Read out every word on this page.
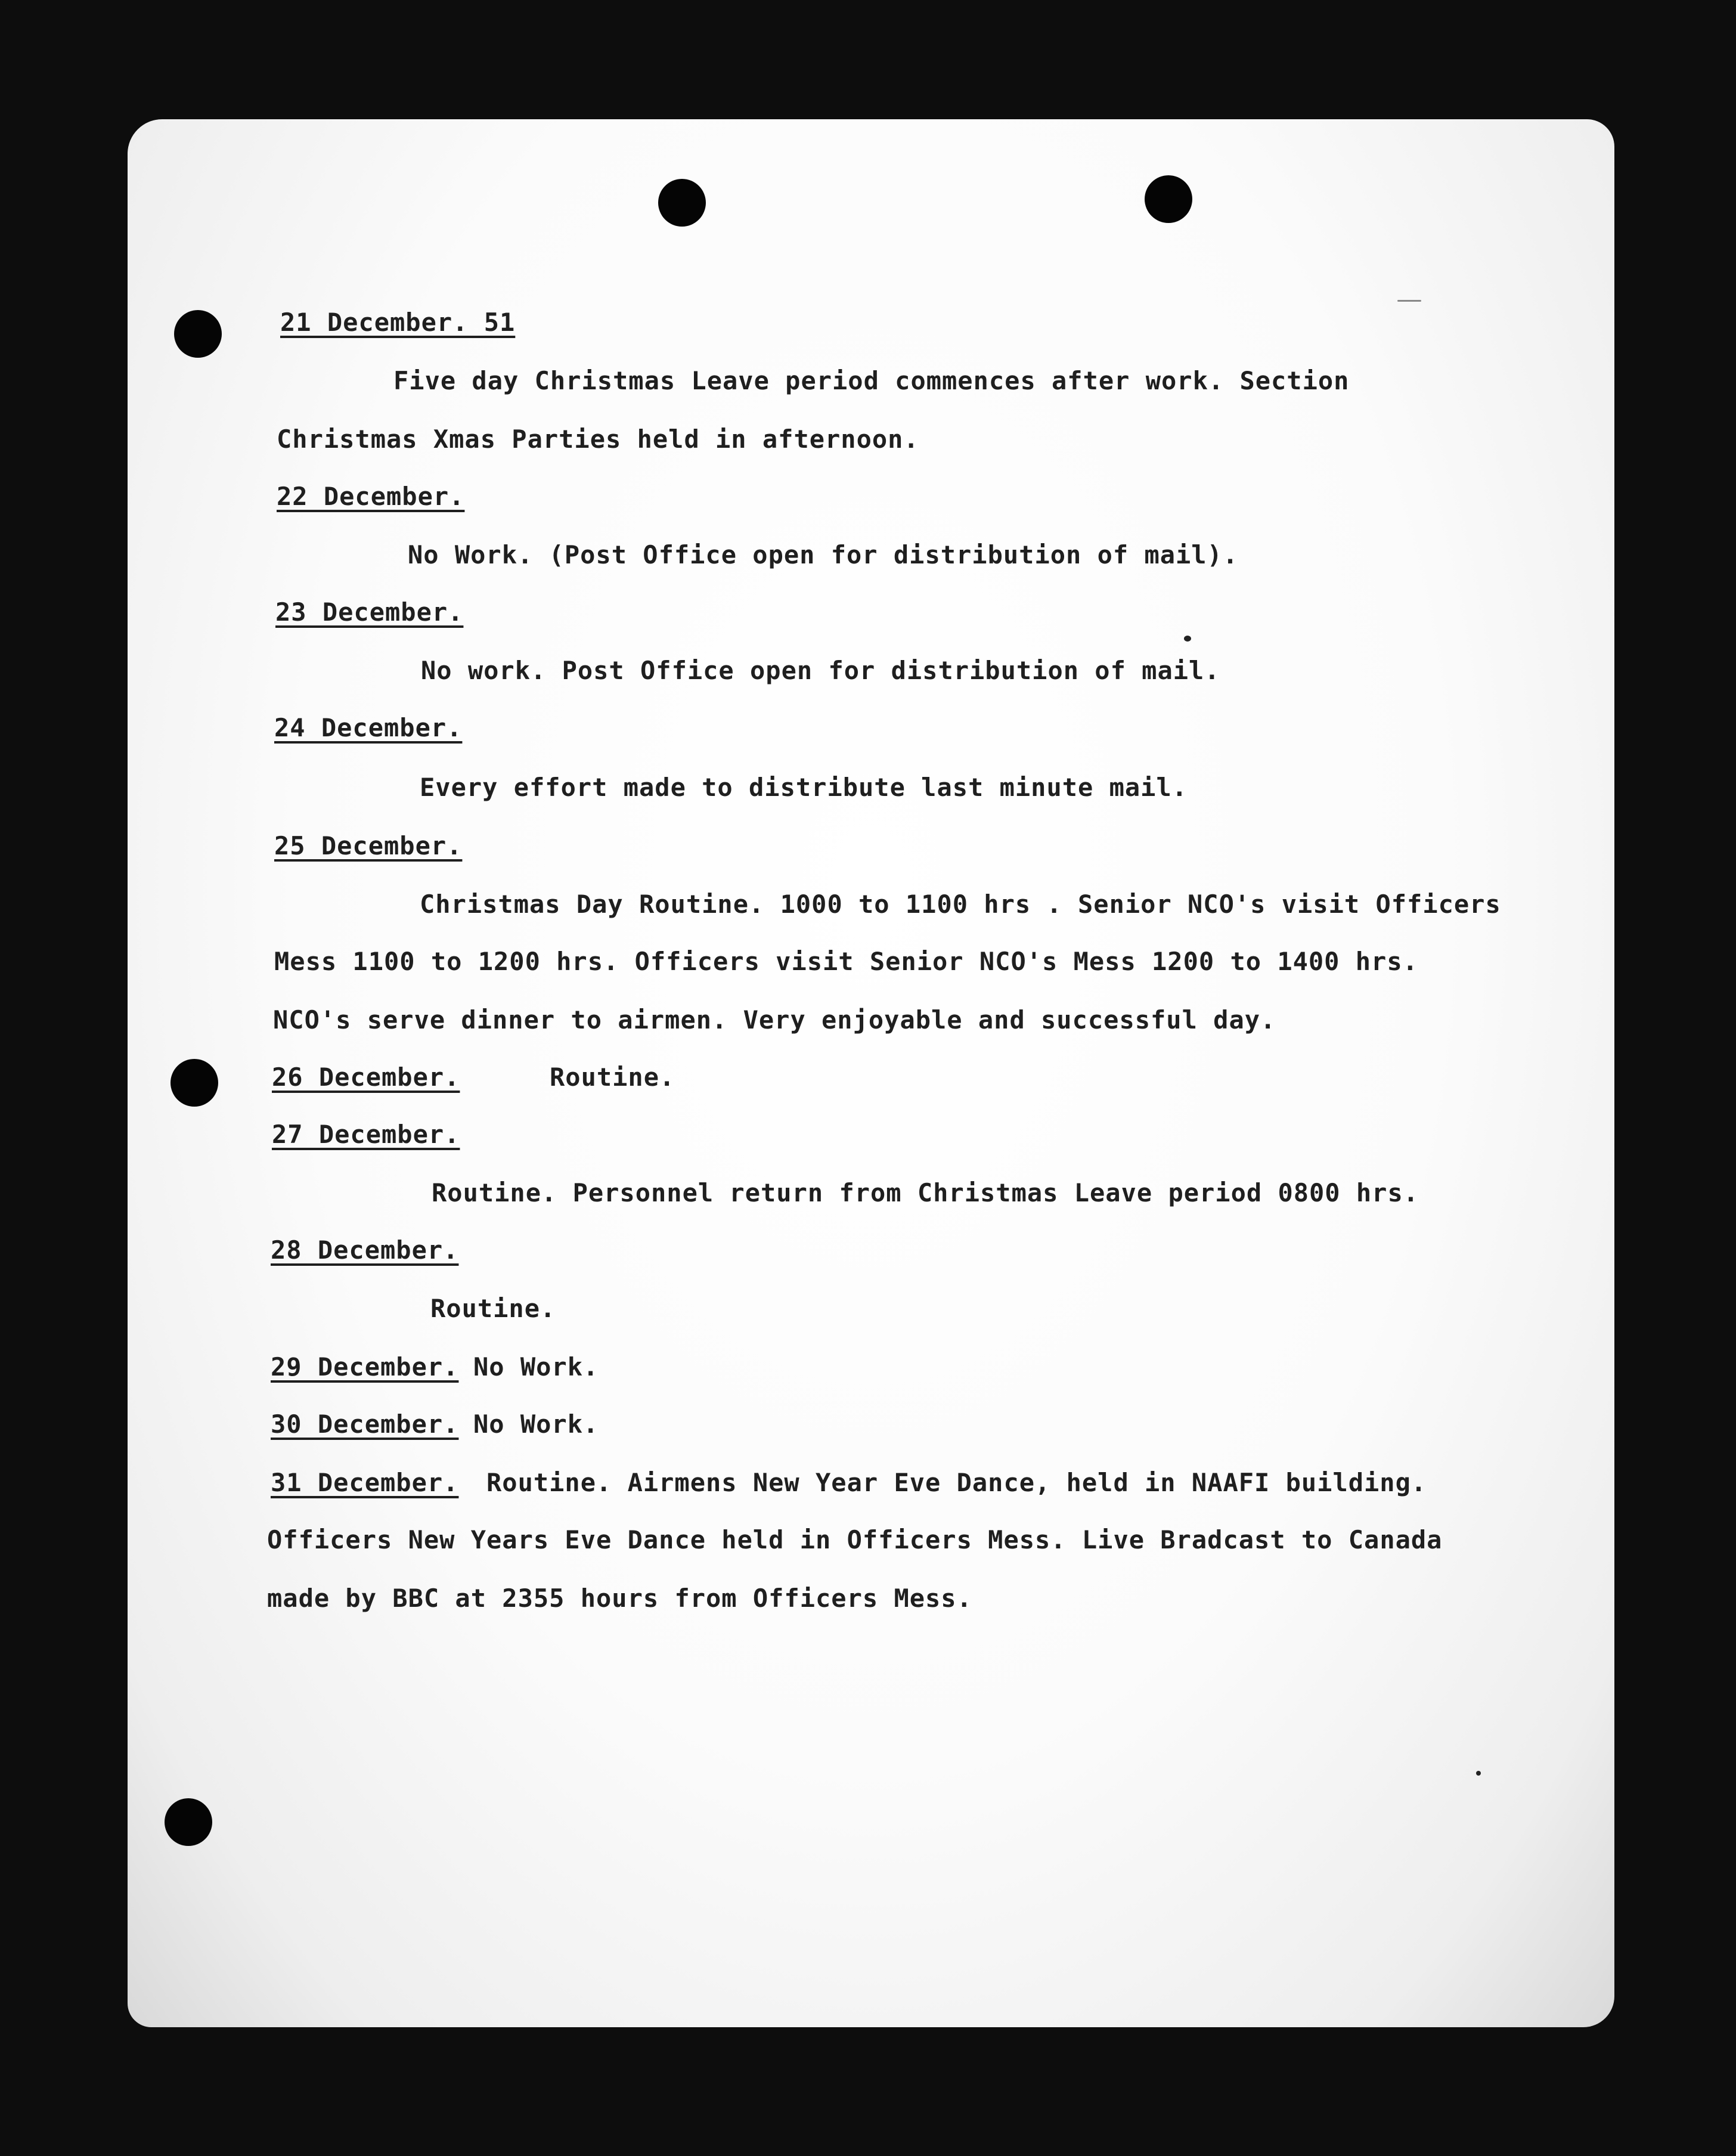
21 December. 51
Five day Christmas Leave period commences after work. Section
Christmas Xmas Parties held in afternoon.
22 December.
No Work. (Post Office open for distribution of mail).
23 December.
No work. Post Office open for distribution of mail.
24 December.
Every effort made to distribute last minute mail.
25 December.
Christmas Day Routine. 1000 to 1100 hrs . Senior NCO's visit Officers
Mess 1100 to 1200 hrs. Officers visit Senior NCO's Mess 1200 to 1400 hrs.
NCO's serve dinner to airmen. Very enjoyable and successful day.
26 December.	Routine.
27 December.
Routine. Personnel return from Christmas Leave period 0800 hrs.
28 December.
Routine.
29 December. No Work.
30 December. No Work.
31 December. Routine. Airmens New Year Eve Dance, held in NAAFI building.
Officers New Years Eve Dance held in Officers Mess. Live Bradcast to Canada
made by BBC at 2355 hours from Officers Mess.
